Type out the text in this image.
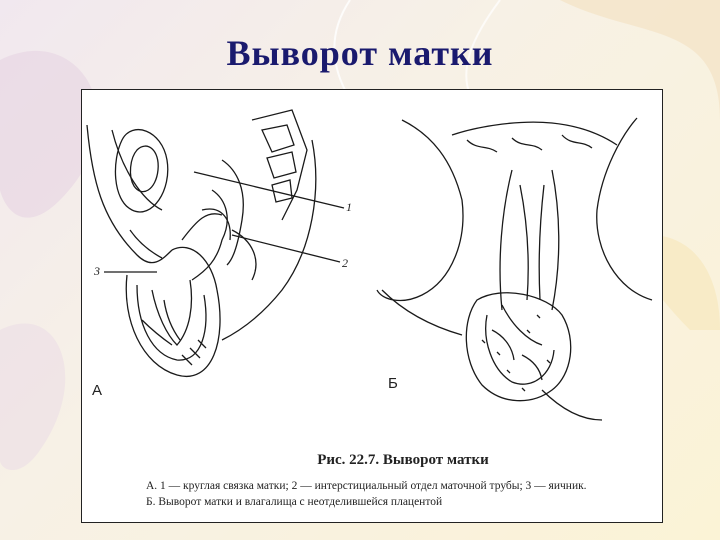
Выворот матки
А	Б
1
2
3
Рис. 22.7. Выворот матки
А. 1 — круглая связка матки; 2 — интерстициальный отдел маточной трубы; 3 — яичник.
Б. Выворот матки и влагалища с неотделившейся плацентой
